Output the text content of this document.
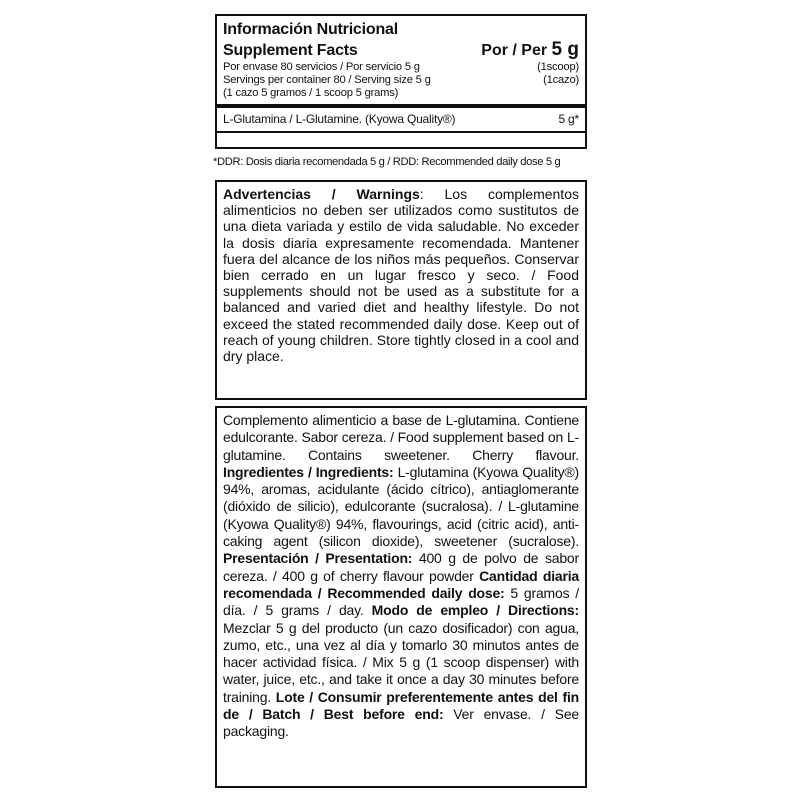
Información Nutricional
Supplement Facts	Por / Per 5 g
Por envase 80 servicios / Por servicio 5 g	(1scoop)
Servings per container 80 / Serving size 5 g	(1cazo)
(1 cazo 5 gramos / 1 scoop 5 grams)
L-Glutamina / L-Glutamine. (Kyowa Quality®)	5 g*
*DDR: Dosis diaria recomendada 5 g / RDD: Recommended daily dose 5 g
Advertencias / Warnings: Los complementos alimenticios no deben ser utilizados como sustitutos de una dieta variada y estilo de vida saludable. No exceder la dosis diaria expresamente recomendada. Mantener fuera del alcance de los niños más pequeños. Conservar bien cerrado en un lugar fresco y seco. / Food supplements should not be used as a substitute for a balanced and varied diet and healthy lifestyle. Do not exceed the stated recommended daily dose. Keep out of reach of young children. Store tightly closed in a cool and dry place.
Complemento alimenticio a base de L-glutamina. Contiene edulcorante. Sabor cereza. / Food supplement based on L-glutamine. Contains sweetener. Cherry flavour. Ingredientes / Ingredients: L-glutamina (Kyowa Quality®) 94%, aromas, acidulante (ácido cítrico), antiaglomerante (dióxido de silicio), edulcorante (sucralosa). / L-glutamine (Kyowa Quality®) 94%, flavourings, acid (citric acid), anti-caking agent (silicon dioxide), sweetener (sucralose). Presentación / Presentation: 400 g de polvo de sabor cereza. / 400 g of cherry flavour powder Cantidad diaria recomendada / Recommended daily dose: 5 gramos / día. / 5 grams / day. Modo de empleo / Directions: Mezclar 5 g del producto (un cazo dosificador) con agua, zumo, etc., una vez al día y tomarlo 30 minutos antes de hacer actividad física. / Mix 5 g (1 scoop dispenser) with water, juice, etc., and take it once a day 30 minutes before training. Lote / Consumir preferentemente antes del fin de / Batch / Best before end: Ver envase. / See packaging.
